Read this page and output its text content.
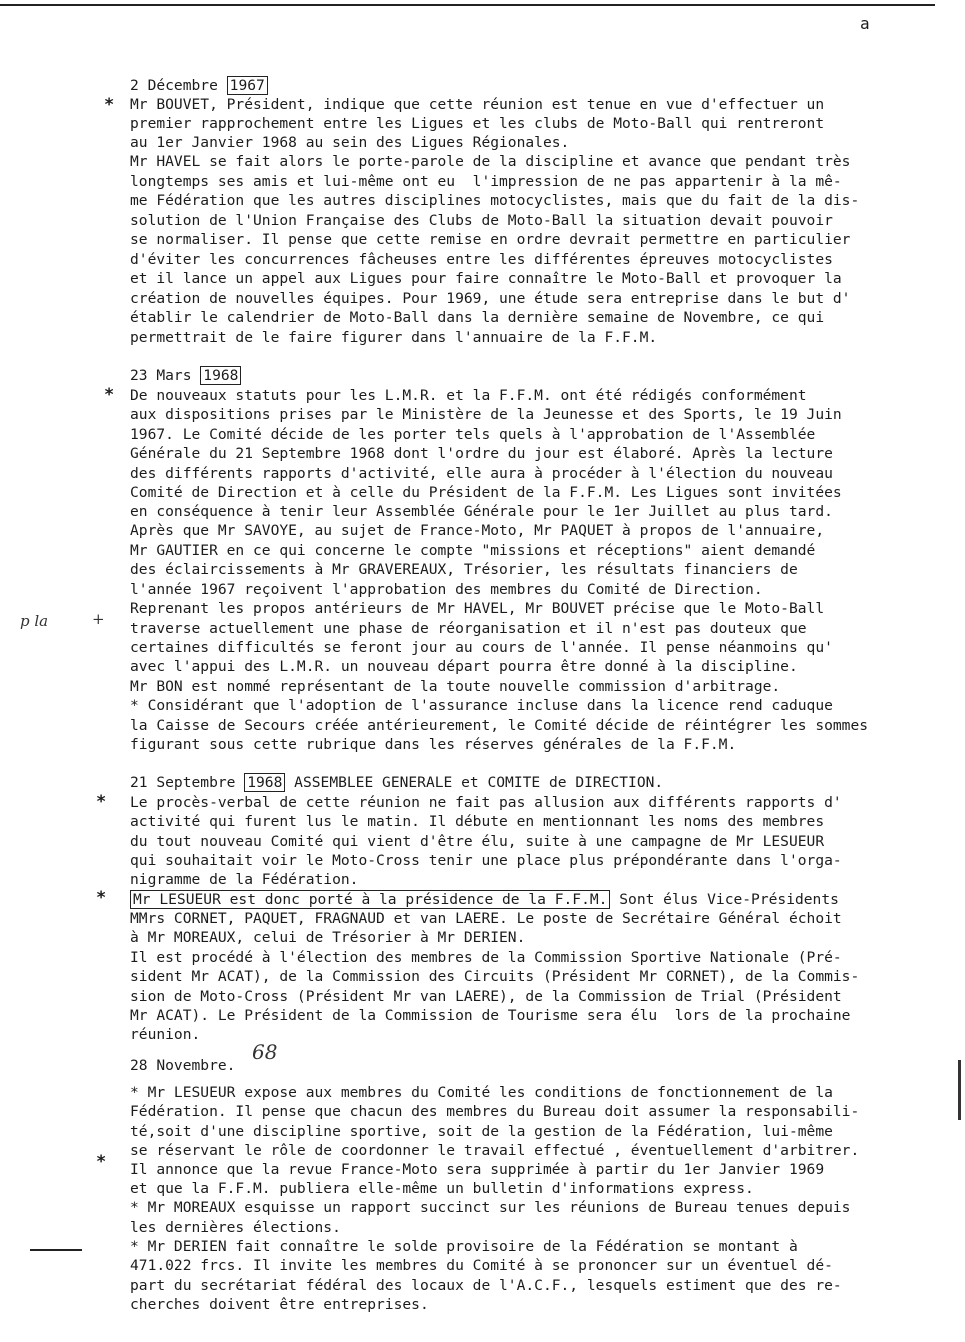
a
*
*
*
*
*
p la	+
68
2 Décembre 1967
Mr BOUVET, Président, indique que cette réunion est tenue en vue d'effectuer un
premier rapprochement entre les Ligues et les clubs de Moto-Ball qui rentreront
au 1er Janvier 1968 au sein des Ligues Régionales.
Mr HAVEL se fait alors le porte-parole de la discipline et avance que pendant très
longtemps ses amis et lui-même ont eu  l'impression de ne pas appartenir à la mê-
me Fédération que les autres disciplines motocyclistes, mais que du fait de la dis-
solution de l'Union Française des Clubs de Moto-Ball la situation devait pouvoir
se normaliser. Il pense que cette remise en ordre devrait permettre en particulier
d'éviter les concurrences fâcheuses entre les différentes épreuves motocyclistes
et il lance un appel aux Ligues pour faire connaître le Moto-Ball et provoquer la
création de nouvelles équipes. Pour 1969, une étude sera entreprise dans le but d'
établir le calendrier de Moto-Ball dans la dernière semaine de Novembre, ce qui
permettrait de le faire figurer dans l'annuaire de la F.F.M.
23 Mars 1968
De nouveaux statuts pour les L.M.R. et la F.F.M. ont été rédigés conformément
aux dispositions prises par le Ministère de la Jeunesse et des Sports, le 19 Juin
1967. Le Comité décide de les porter tels quels à l'approbation de l'Assemblée
Générale du 21 Septembre 1968 dont l'ordre du jour est élaboré. Après la lecture
des différents rapports d'activité, elle aura à procéder à l'élection du nouveau
Comité de Direction et à celle du Président de la F.F.M. Les Ligues sont invitées
en conséquence à tenir leur Assemblée Générale pour le 1er Juillet au plus tard.
Après que Mr SAVOYE, au sujet de France-Moto, Mr PAQUET à propos de l'annuaire,
Mr GAUTIER en ce qui concerne le compte "missions et réceptions" aient demandé
des éclaircissements à Mr GRAVEREAUX, Trésorier, les résultats financiers de
l'année 1967 reçoivent l'approbation des membres du Comité de Direction.
Reprenant les propos antérieurs de Mr HAVEL, Mr BOUVET précise que le Moto-Ball
traverse actuellement une phase de réorganisation et il n'est pas douteux que
certaines difficultés se feront jour au cours de l'année. Il pense néanmoins qu'
avec l'appui des L.M.R. un nouveau départ pourra être donné à la discipline.
Mr BON est nommé représentant de la toute nouvelle commission d'arbitrage.
* Considérant que l'adoption de l'assurance incluse dans la licence rend caduque
la Caisse de Secours créée antérieurement, le Comité décide de réintégrer les sommes
figurant sous cette rubrique dans les réserves générales de la F.F.M.
21 Septembre 1968 ASSEMBLEE GENERALE et COMITE de DIRECTION.
Le procès-verbal de cette réunion ne fait pas allusion aux différents rapports d'
activité qui furent lus le matin. Il débute en mentionnant les noms des membres
du tout nouveau Comité qui vient d'être élu, suite à une campagne de Mr LESUEUR
qui souhaitait voir le Moto-Cross tenir une place plus prépondérante dans l'orga-
nigramme de la Fédération.
Mr LESUEUR est donc porté à la présidence de la F.F.M. Sont élus Vice-Présidents
MMrs CORNET, PAQUET, FRAGNAUD et van LAERE. Le poste de Secrétaire Général échoit
à Mr MOREAUX, celui de Trésorier à Mr DERIEN.
Il est procédé à l'élection des membres de la Commission Sportive Nationale (Pré-
sident Mr ACAT), de la Commission des Circuits (Président Mr CORNET), de la Commis-
sion de Moto-Cross (Président Mr van LAERE), de la Commission de Trial (Président
Mr ACAT). Le Président de la Commission de Tourisme sera élu  lors de la prochaine
réunion.
28 Novembre.
* Mr LESUEUR expose aux membres du Comité les conditions de fonctionnement de la
Fédération. Il pense que chacun des membres du Bureau doit assumer la responsabili-
té,soit d'une discipline sportive, soit de la gestion de la Fédération, lui-même
se réservant le rôle de coordonner le travail effectué , éventuellement d'arbitrer.
Il annonce que la revue France-Moto sera supprimée à partir du 1er Janvier 1969
et que la F.F.M. publiera elle-même un bulletin d'informations express.
* Mr MOREAUX esquisse un rapport succinct sur les réunions de Bureau tenues depuis
les dernières élections.
* Mr DERIEN fait connaître le solde provisoire de la Fédération se montant à
471.022 frcs. Il invite les membres du Comité à se prononcer sur un éventuel dé-
part du secrétariat fédéral des locaux de l'A.C.F., lesquels estiment que des re-
cherches doivent être entreprises.
